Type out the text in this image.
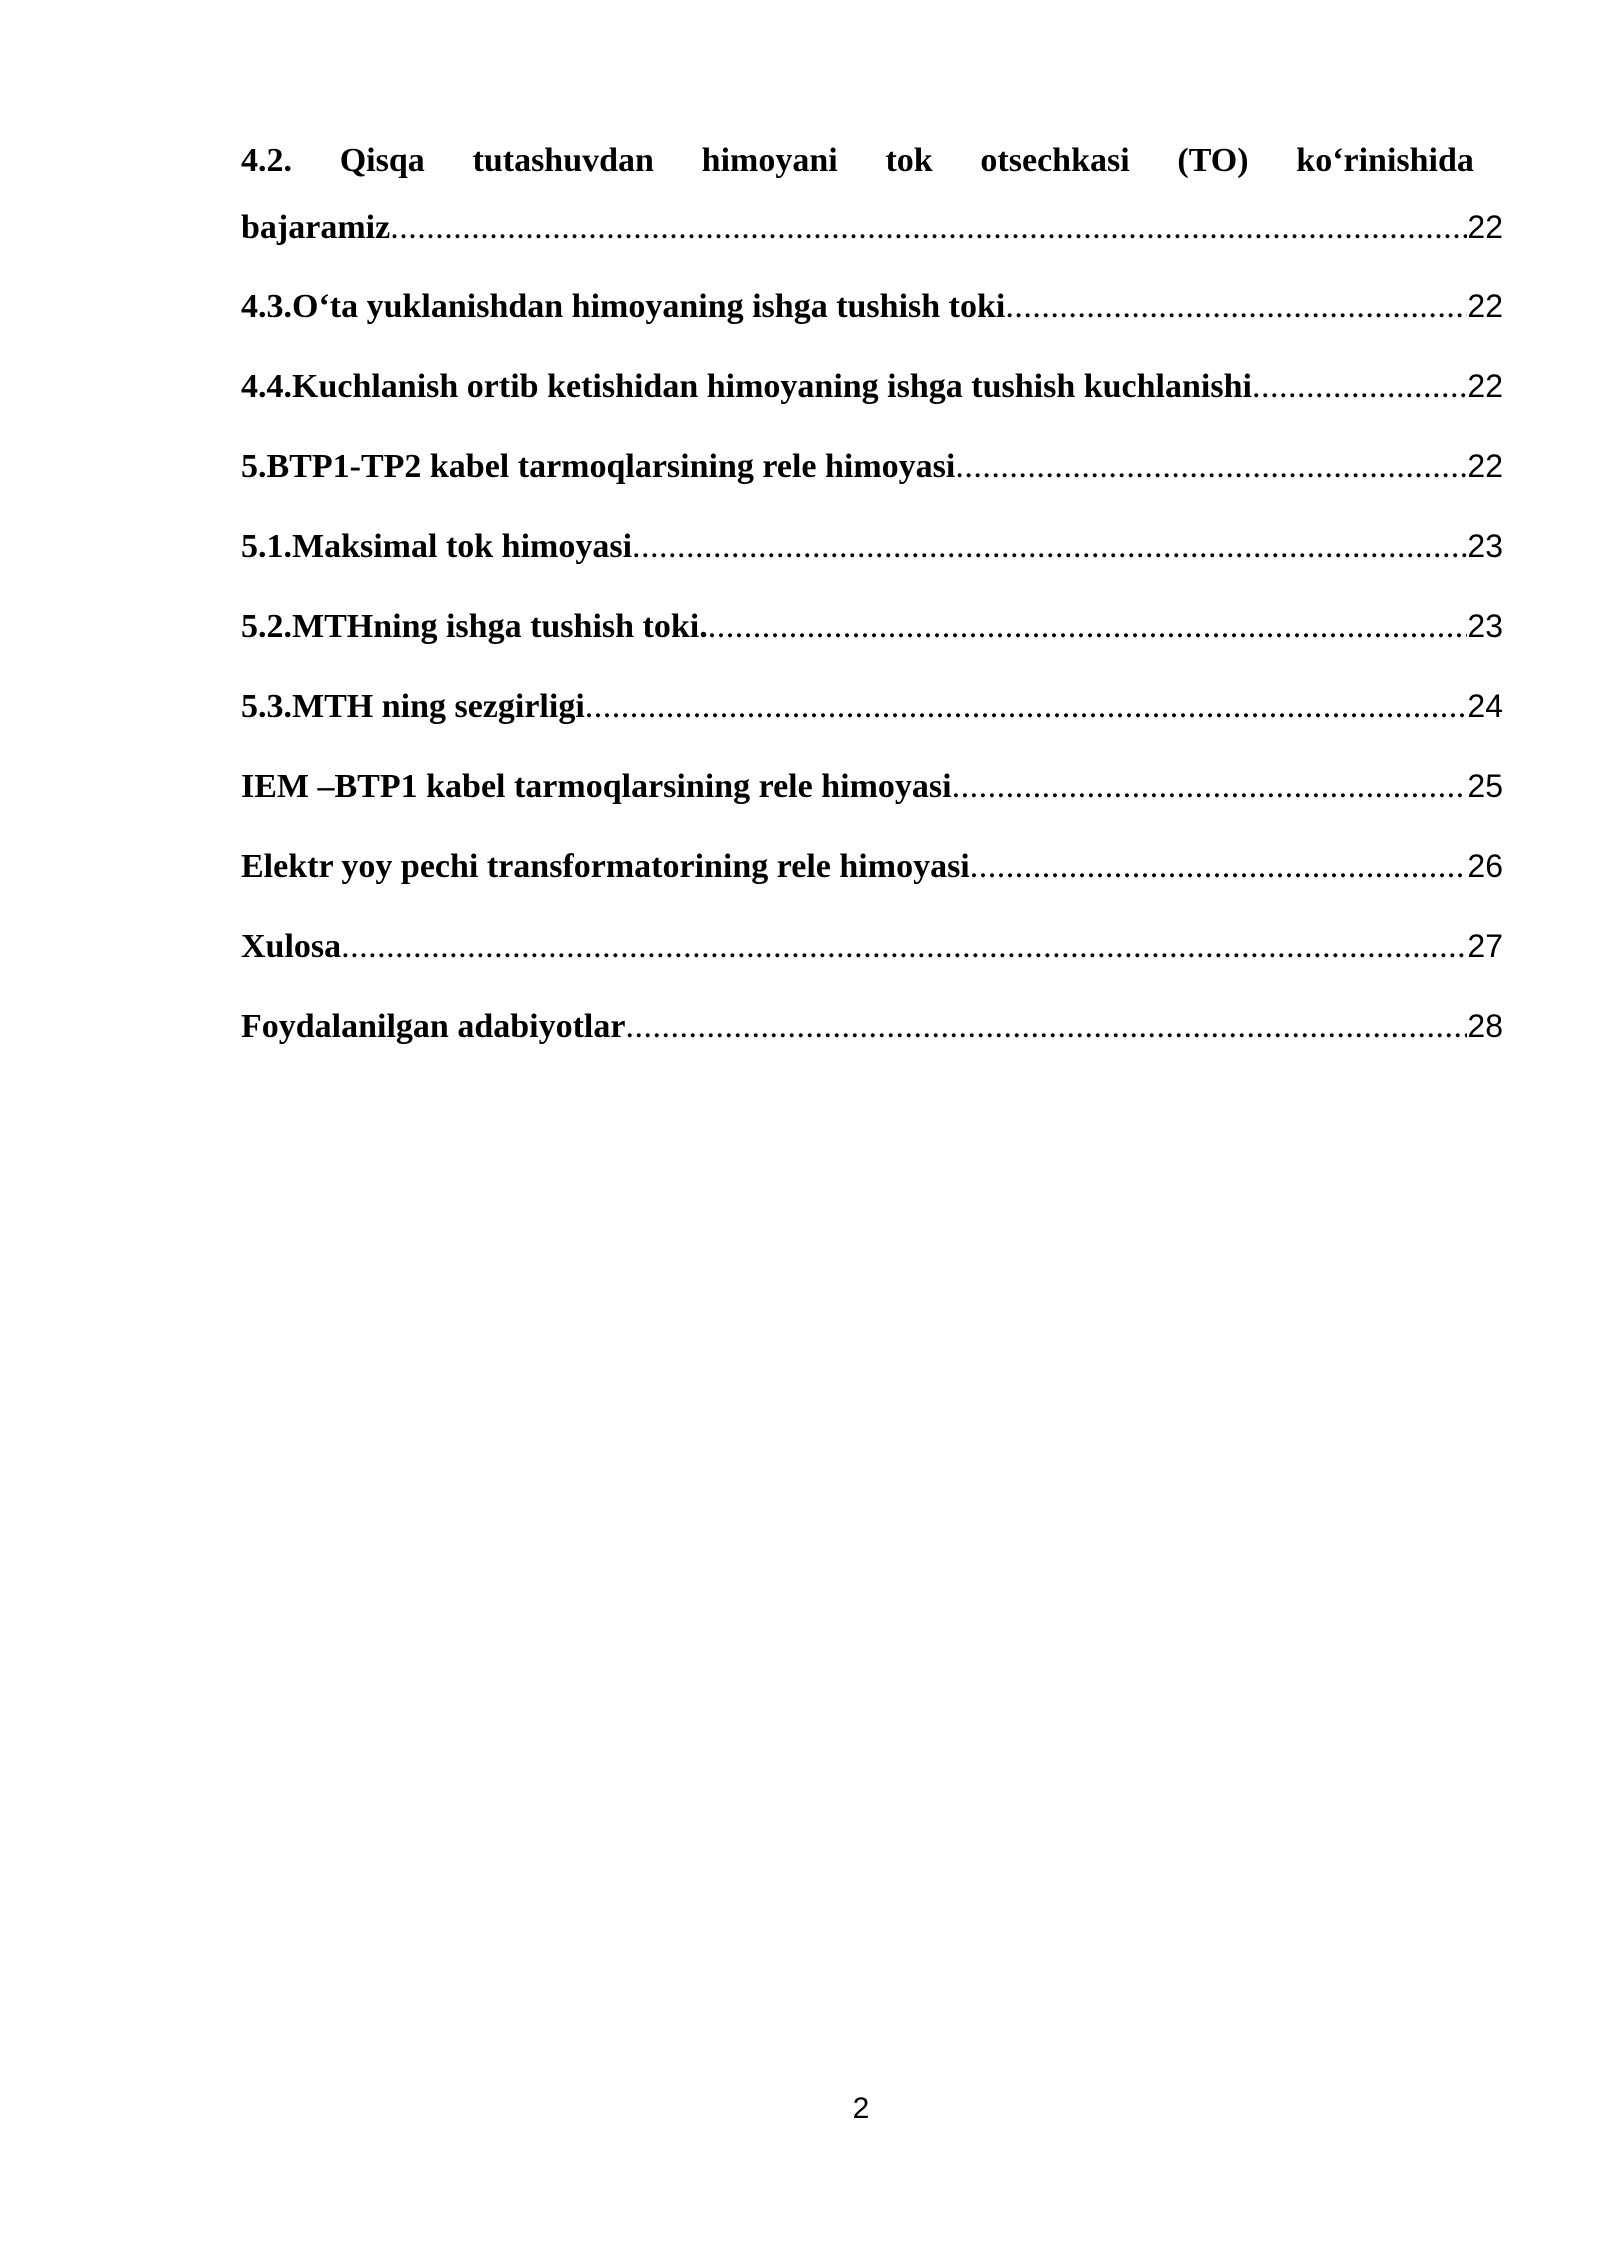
4.2. Qisqa tutashuvdan himoyani tok otsechkasi (TO) ko‘rinishida
bajaramiz .....	22
4.3.O‘ta yuklanishdan himoyaning ishga tushish toki .....	22
4.4.Kuchlanish ortib ketishidan himoyaning ishga tushish kuchlanishi .....	22
5.BTP1-TP2 kabel tarmoqlarsining rele himoyasi .....	22
5.1.Maksimal tok himoyasi .....	23
5.2.MTHning ishga tushish toki. .....	23
5.3.MTH ning sezgirligi .....	24
IEM –BTP1 kabel tarmoqlarsining rele himoyasi .....	25
Elektr yoy pechi transformatorining rele himoyasi .....	26
Xulosa .....	27
Foydalanilgan adabiyotlar .....	28
2
